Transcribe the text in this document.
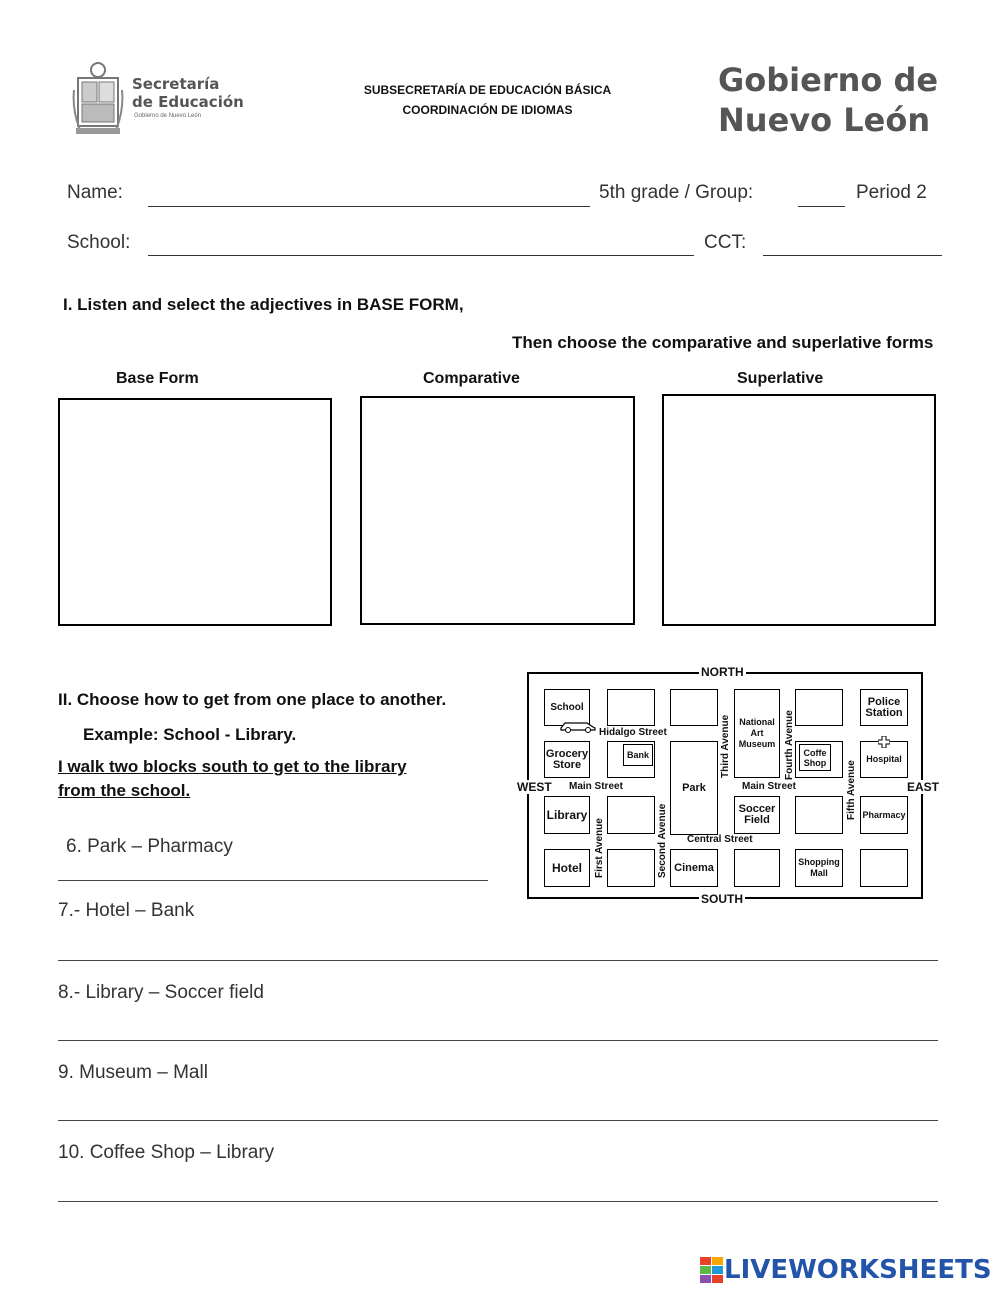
Secretaría
de Educación
Gobierno de Nuevo León
SUBSECRETARÍA DE EDUCACIÓN BÁSICA
COORDINACIÓN DE IDIOMAS
Gobierno de
Nuevo León
Name:	5th grade / Group:	Period 2
School:	CCT:
I. Listen and select the adjectives in BASE FORM,
Then choose the comparative and superlative forms
Base Form	Comparative	Superlative
II. Choose how to get from one place to another.
Example: School - Library.
I walk two blocks south to get to the library
from the school.
6. Park – Pharmacy
7.- Hotel – Bank
8.- Library – Soccer field
9. Museum – Mall
10. Coffee Shop – Library
NORTH
SOUTH
WEST	EAST
School	Police Station
Hidalgo Street
National Art Museum
Grocery Store
Bank
Park
Coffe Shop	Hospital
Main Street	Main Street
Library	Soccer Field	Pharmacy
Central Street
Hotel	Cinema	Shopping Mall
First Avenue	Second Avenue
Third Avenue	Fourth Avenue
Fifth Avenue
LIVEWORKSHEETS
